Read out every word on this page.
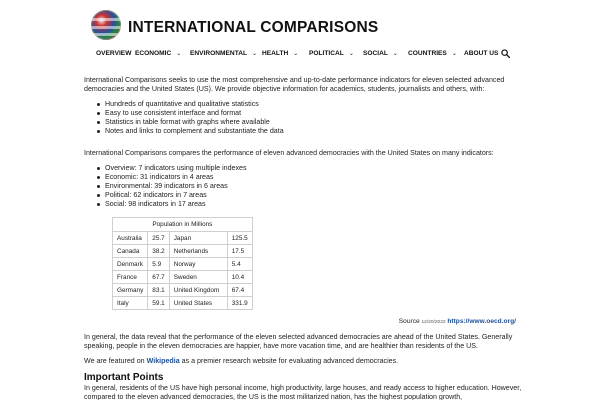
INTERNATIONAL COMPARISONS
OVERVIEW ECONOMIC ⌄ ENVIRONMENTAL ⌄ HEALTH ⌄ POLITICAL ⌄ SOCIAL ⌄ COUNTRIES ⌄ ABOUT US

International Comparisons seeks to use the most comprehensive and up-to-date performance indicators for eleven selected advanced democracies and the United States (US). We provide objective information for academics, students, journalists and others, with:

Hundreds of quantitative and qualitative statistics
Easy to use consistent interface and format
Statistics in table format with graphs where available
Notes and links to complement and substantiate the data

International Comparisons compares the performance of eleven advanced democracies with the United States on many indicators:

Overview: 7 indicators using multiple indexes
Economic: 31 indicators in 4 areas
Environmental: 39 indicators in 6 areas
Political: 62 indicators in 7 areas
Social: 98 indicators in 17 areas
Population in Millions			
Australia	25.7	Japan	125.5
Canada	38.2	Netherlands	17.5
Denmark	5.9	Norway	5.4
France	67.7	Sweden	10.4
Germany	83.1	United Kingdom	67.4
Italy	59.1	United States	331.9
Source 12/20/2022 https://www.oecd.org/

In general, the data reveal that the performance of the eleven selected advanced democracies are ahead of the United States. Generally speaking, people in the eleven democracies are happier, have more vacation time, and are healthier than residents of the US.

We are featured on Wikipedia as a premier research website for evaluating advanced democracies.

Important Points

In general, residents of the US have high personal income, high productivity, large houses, and ready access to higher education. However, compared to the eleven advanced democracies, the US is the most militarized nation, has the highest population growth,
